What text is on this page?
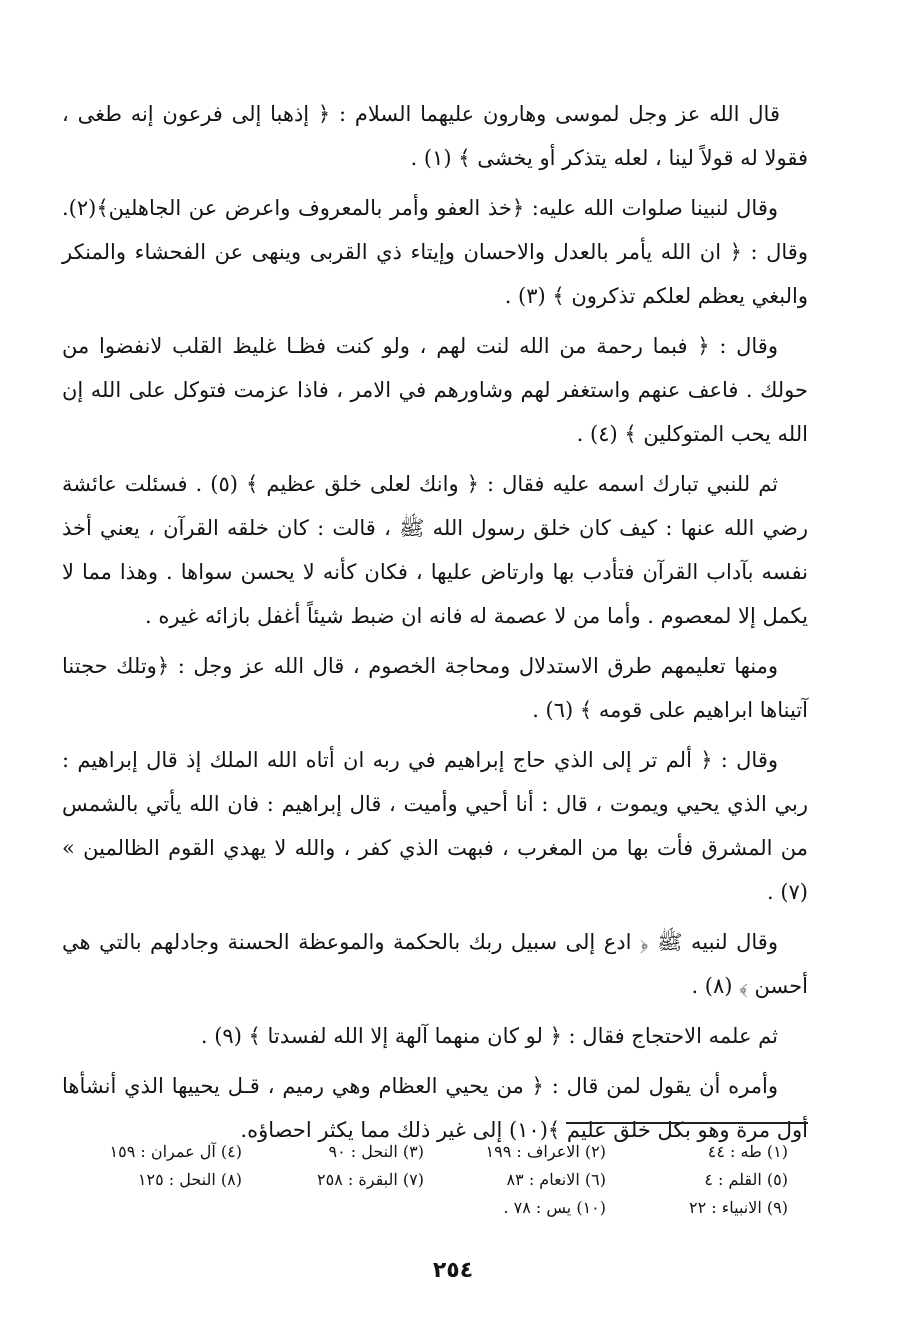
قال الله عز وجل لموسى وهارون عليهما السلام : ﴿ إذهبا إلى فرعون إنه طغى ، فقولا له قولاً لينا ، لعله يتذكر أو يخشى ﴾ (١) .

وقال لنبينا صلوات الله عليه: ﴿خذ العفو وأمر بالمعروف واعرض عن الجاهلين﴾(٢). وقال : ﴿ ان الله يأمر بالعدل والاحسان وإيتاء ذي القربى وينهى عن الفحشاء والمنكر والبغي يعظم لعلكم تذكرون ﴾ (٣) .

وقال : ﴿ فبما رحمة من الله لنت لهم ، ولو كنت فظـا غليظ القلب لانفضوا من حولك . فاعف عنهم واستغفر لهم وشاورهم في الامر ، فاذا عزمت فتوكل على الله إن الله يحب المتوكلين ﴾ (٤) .

ثم للنبي تبارك اسمه عليه فقال : ﴿ وانك لعلى خلق عظيم ﴾ (٥) . فسئلت عائشة رضي الله عنها : كيف كان خلق رسول الله ﷺ ، قالت : كان خلقه القرآن ، يعني أخذ نفسه بآداب القرآن فتأدب بها وارتاض عليها ، فكان كأنه لا يحسن سواها . وهذا مما لا يكمل إلا لمعصوم . وأما من لا عصمة له فانه ان ضبط شيئاً أغفل بازائه غيره .

ومنها تعليمهم طرق الاستدلال ومحاجة الخصوم ، قال الله عز وجل : ﴿وتلك حجتنا آتيناها ابراهيم على قومه ﴾ (٦) .

وقال : ﴿ ألم تر إلى الذي حاج إبراهيم في ربه ان أتاه الله الملك إذ قال إبراهيم : ربي الذي يحيي ويموت ، قال : أنا أحيي وأميت ، قال إبراهيم : فان الله يأتي بالشمس من المشرق فأت بها من المغرب ، فبهت الذي كفر ، والله لا يهدي القوم الظالمين » (٧) .

وقال لنبيه ﷺ ﴿ ادع إلى سبيل ربك بالحكمة والموعظة الحسنة وجادلهم بالتي هي أحسن ﴾ (٨) .

ثم علمه الاحتجاج فقال : ﴿ لو كان منهما آلهة إلا الله لفسدتا ﴾ (٩) .

وأمره أن يقول لمن قال : ﴿ من يحيي العظام وهي رميم ، قـل يحييها الذي أنشأها أول مرة وهو بكل خلق عليم ﴾(١٠) إلى غير ذلك مما يكثر احصاؤه.

(١) طه : ٤٤
(٢) الاعراف : ١٩٩
(٣) النحل : ٩٠
(٤) آل عمران : ١٥٩
(٥) القلم : ٤
(٦) الانعام : ٨٣
(٧) البقرة : ٢٥٨
(٨) النحل : ١٢٥
(٩) الانبياء : ٢٢
(١٠) يس : ٧٨ .
٢٥٤
